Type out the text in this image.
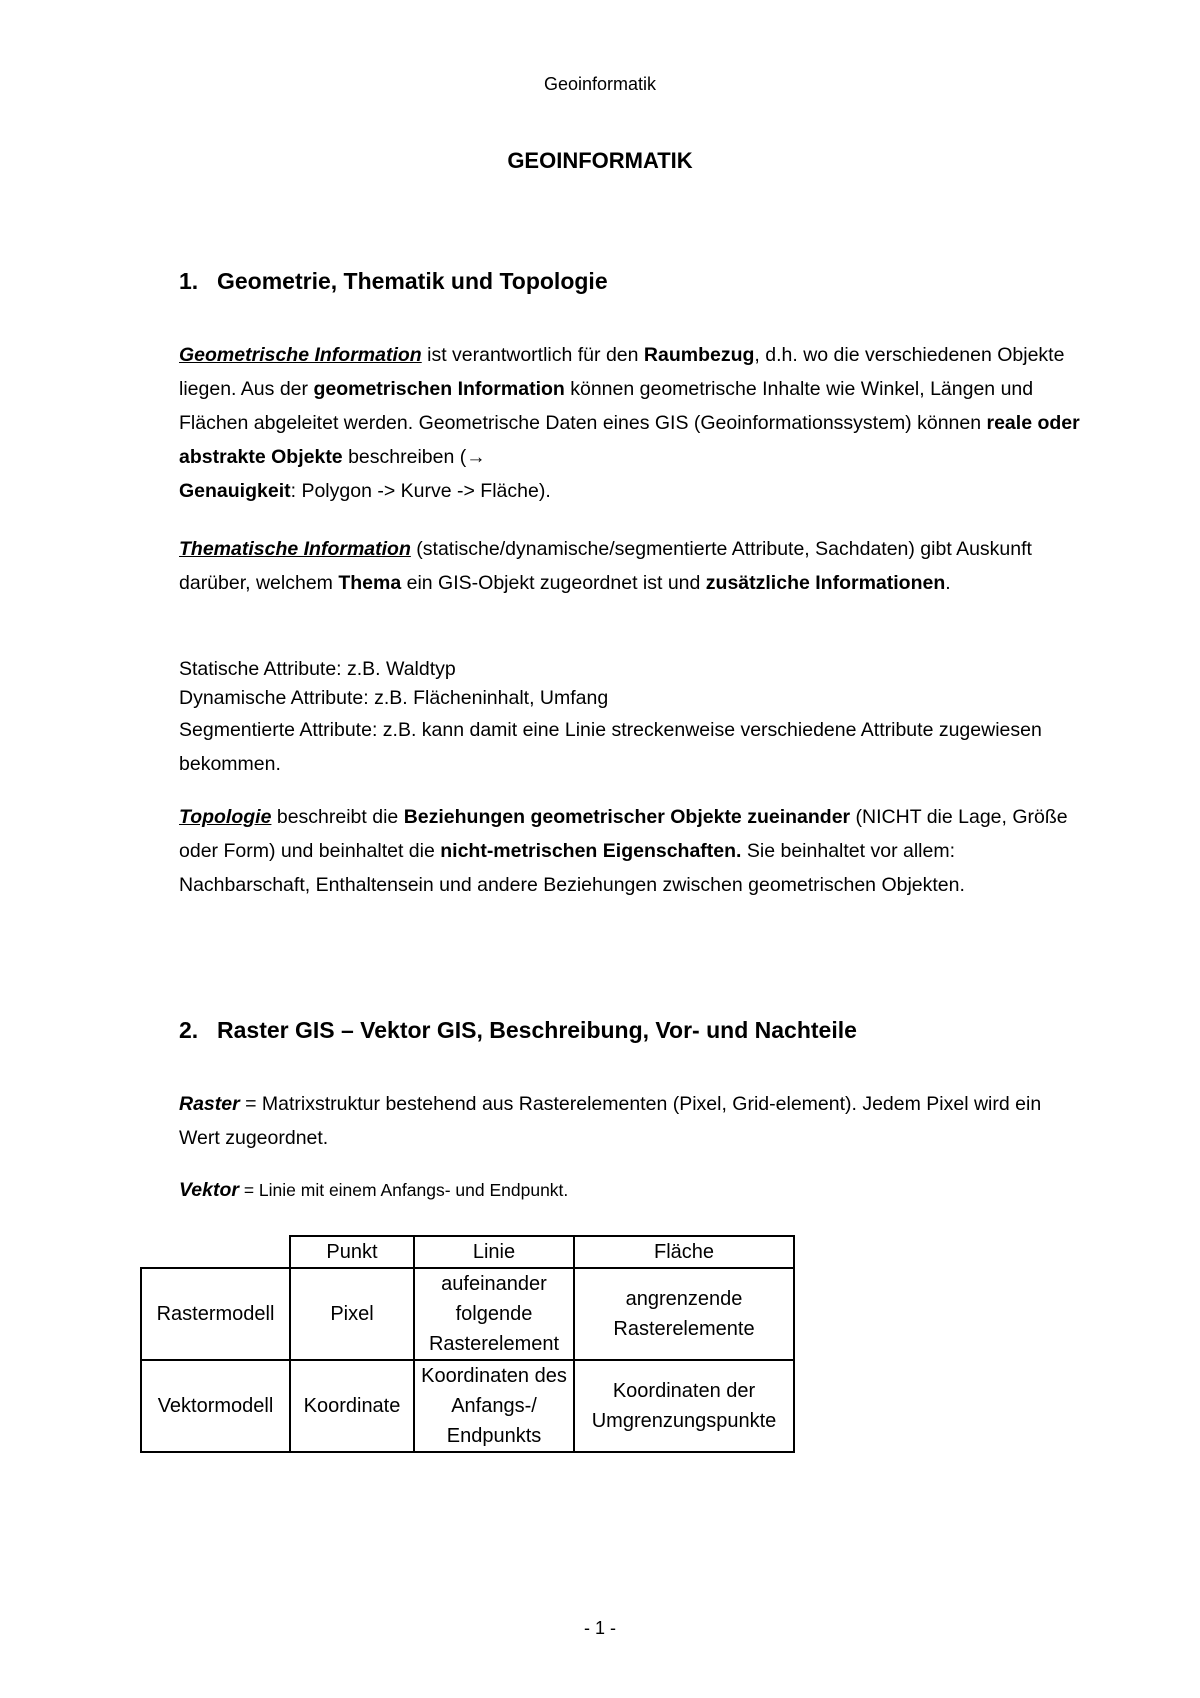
Geoinformatik
GEOINFORMATIK
1. Geometrie, Thematik und Topologie

Geometrische Information ist verantwortlich für den Raumbezug, d.h. wo die verschiedenen Objekte liegen. Aus der geometrischen Information können geometrische Inhalte wie Winkel, Längen und Flächen abgeleitet werden. Geometrische Daten eines GIS (Geoinformationssystem) können reale oder abstrakte Objekte beschreiben (→
Genauigkeit: Polygon -> Kurve -> Fläche).

Thematische Information (statische/dynamische/segmentierte Attribute, Sachdaten) gibt Auskunft darüber, welchem Thema ein GIS-Objekt zugeordnet ist und zusätzliche Informationen.

Statische Attribute: z.B. Waldtyp
Dynamische Attribute: z.B. Flächeninhalt, Umfang
Segmentierte Attribute: z.B. kann damit eine Linie streckenweise verschiedene Attribute zugewiesen bekommen.

Topologie beschreibt die Beziehungen geometrischer Objekte zueinander (NICHT die Lage, Größe oder Form) und beinhaltet die nicht-metrischen Eigenschaften. Sie beinhaltet vor allem: Nachbarschaft, Enthaltensein und andere Beziehungen zwischen geometrischen Objekten.

2. Raster GIS – Vektor GIS, Beschreibung, Vor- und Nachteile

Raster = Matrixstruktur bestehend aus Rasterelementen (Pixel, Grid-element). Jedem Pixel wird ein Wert zugeordnet.

Vektor = Linie mit einem Anfangs- und Endpunkt.

	Punkt	Linie	Fläche
Rastermodell	Pixel	aufeinander folgende Rasterelement	angrenzende Rasterelemente
Vektormodell	Koordinate	Koordinaten des Anfangs-/ Endpunkts	Koordinaten der Umgrenzungspunkte
- 1 -
